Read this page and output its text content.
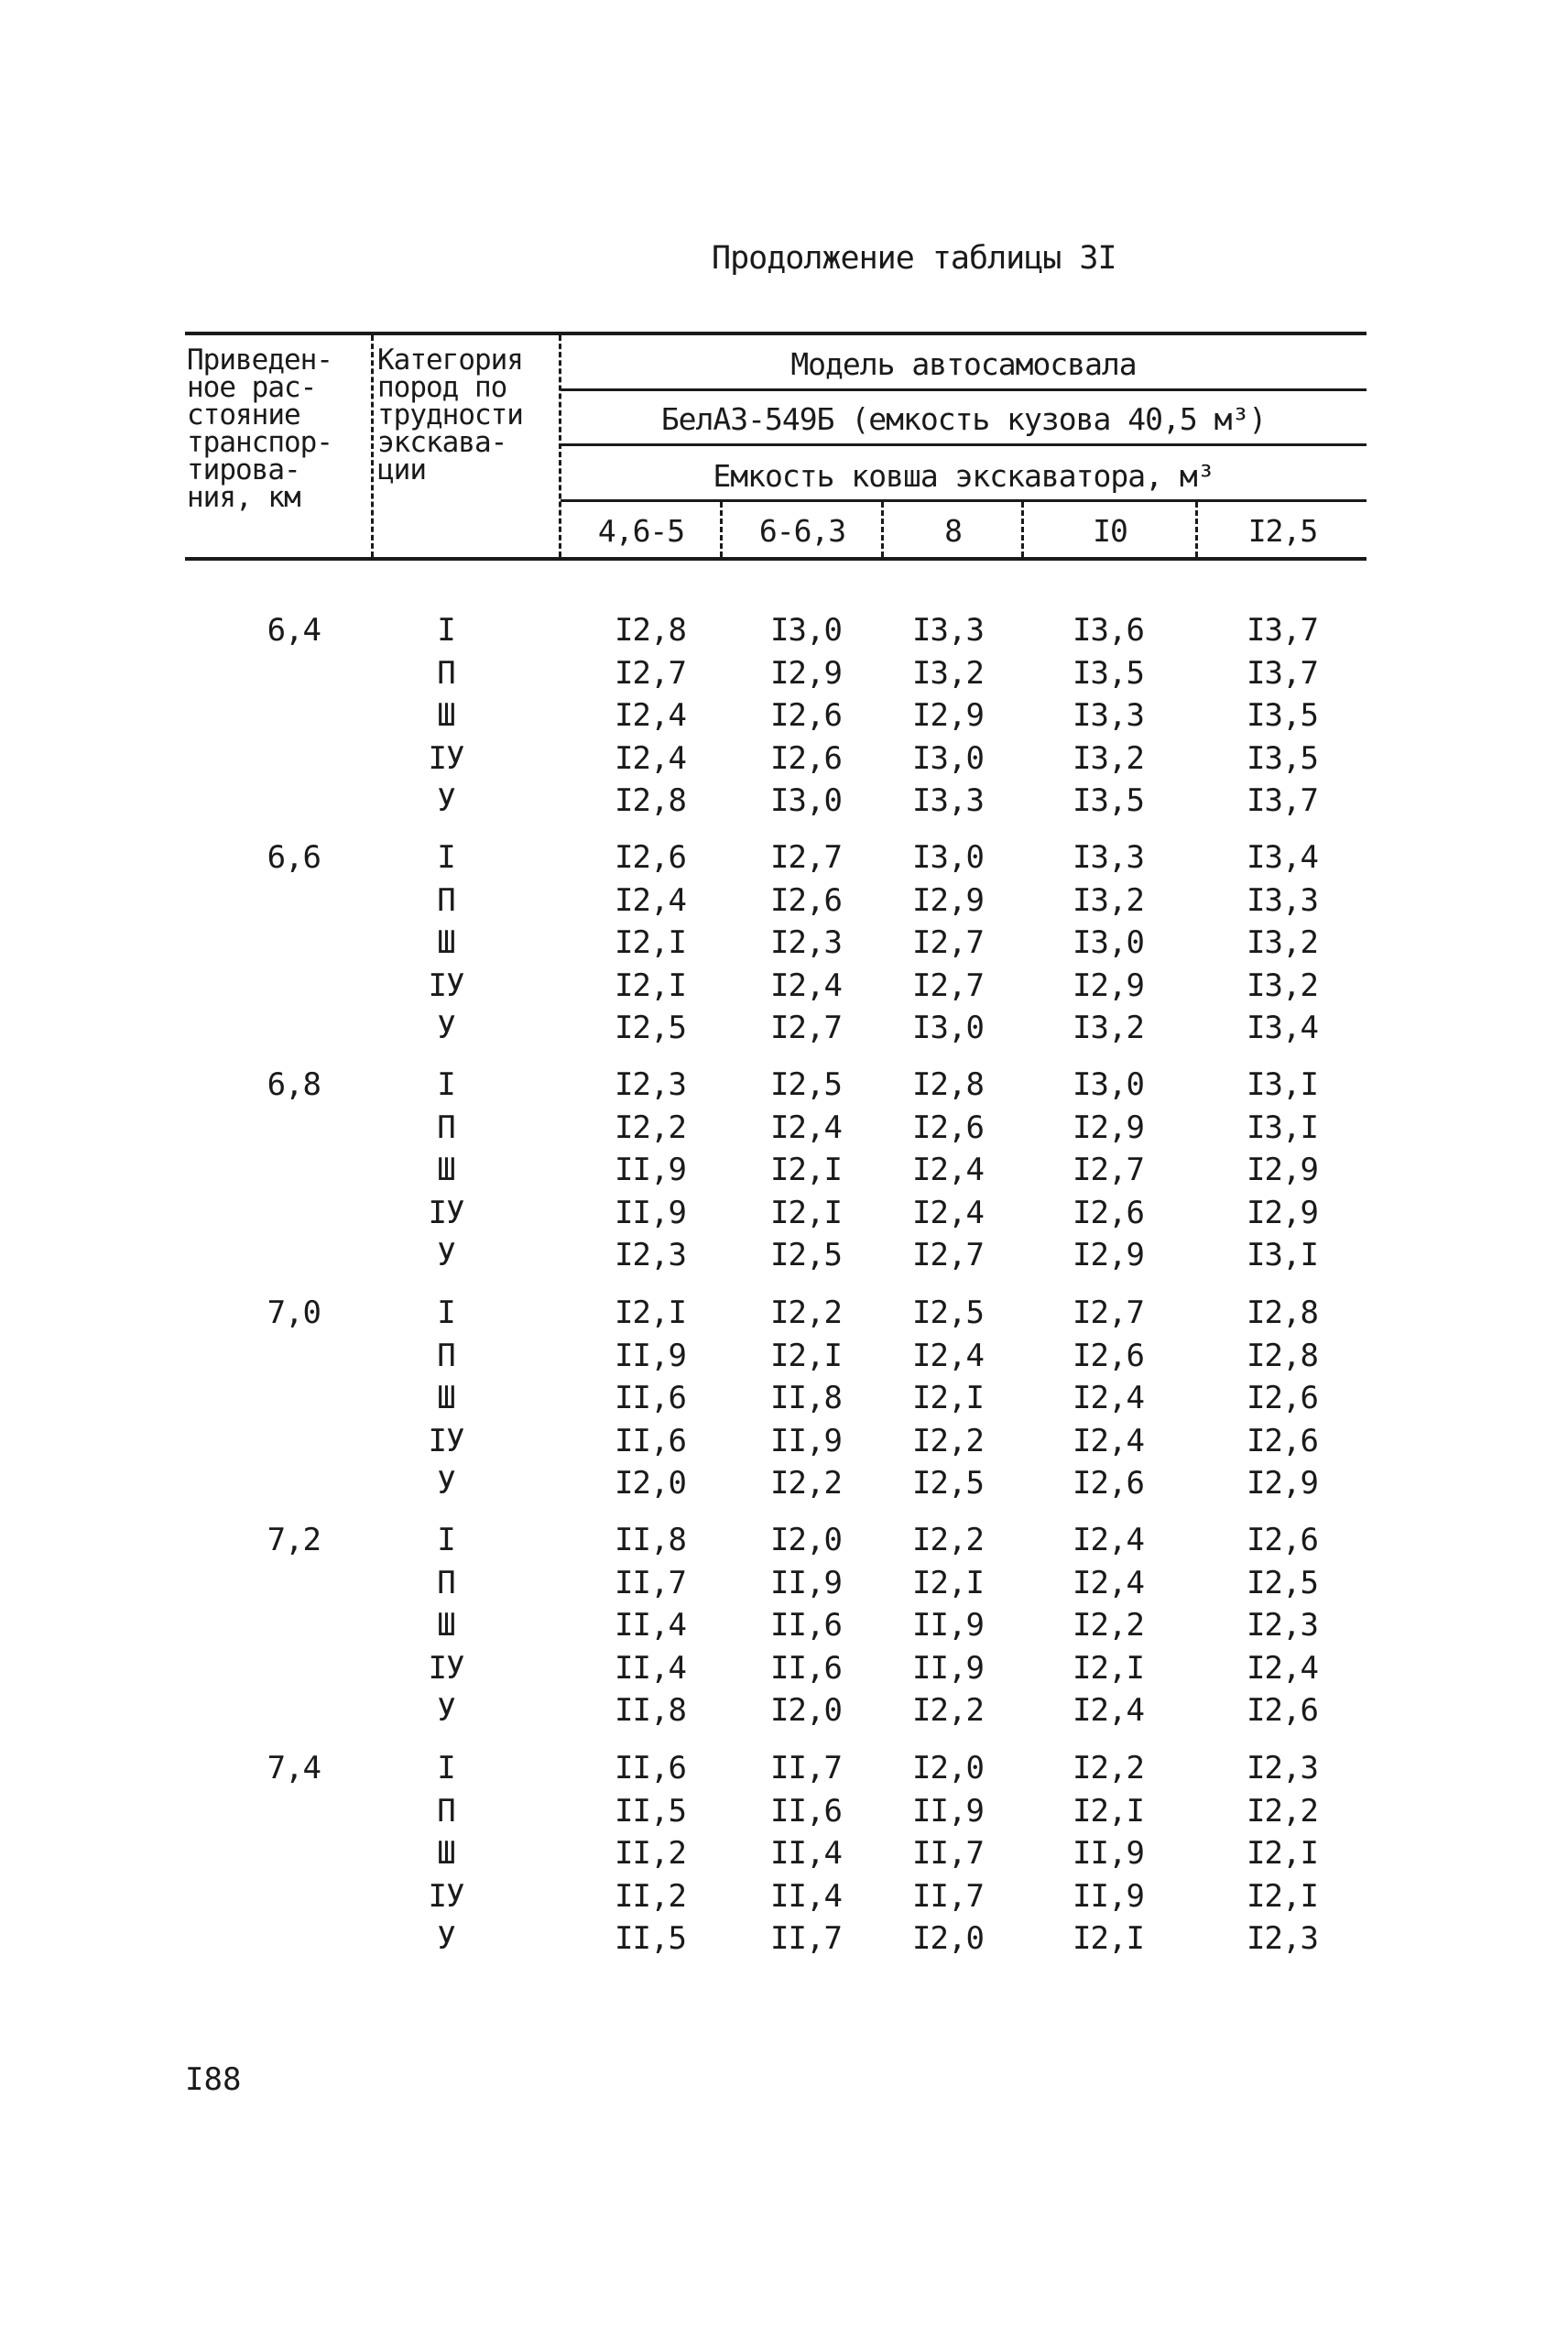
Продолжение таблицы 3I
Приведен-
ное рас-
стояние
транспор-
тирова-
ния, км
Категория
пород по
трудности
экскава-
ции
Модель автосамосвала
БелАЗ-549Б (емкость кузова 40,5 м³)
Емкость ковша экскаватора, м³
4,6-5	6-6,3	8	I0	I2,5
6,4	I	I2,8	I3,0	I3,3	I3,6	I3,7
П	I2,7	I2,9	I3,2	I3,5	I3,7
Ш	I2,4	I2,6	I2,9	I3,3	I3,5
IУ	I2,4	I2,6	I3,0	I3,2	I3,5
У	I2,8	I3,0	I3,3	I3,5	I3,7
6,6	I	I2,6	I2,7	I3,0	I3,3	I3,4
П	I2,4	I2,6	I2,9	I3,2	I3,3
Ш	I2,I	I2,3	I2,7	I3,0	I3,2
IУ	I2,I	I2,4	I2,7	I2,9	I3,2
У	I2,5	I2,7	I3,0	I3,2	I3,4
6,8	I	I2,3	I2,5	I2,8	I3,0	I3,I
П	I2,2	I2,4	I2,6	I2,9	I3,I
Ш	II,9	I2,I	I2,4	I2,7	I2,9
IУ	II,9	I2,I	I2,4	I2,6	I2,9
У	I2,3	I2,5	I2,7	I2,9	I3,I
7,0	I	I2,I	I2,2	I2,5	I2,7	I2,8
П	II,9	I2,I	I2,4	I2,6	I2,8
Ш	II,6	II,8	I2,I	I2,4	I2,6
IУ	II,6	II,9	I2,2	I2,4	I2,6
У	I2,0	I2,2	I2,5	I2,6	I2,9
7,2	I	II,8	I2,0	I2,2	I2,4	I2,6
П	II,7	II,9	I2,I	I2,4	I2,5
Ш	II,4	II,6	II,9	I2,2	I2,3
IУ	II,4	II,6	II,9	I2,I	I2,4
У	II,8	I2,0	I2,2	I2,4	I2,6
7,4	I	II,6	II,7	I2,0	I2,2	I2,3
П	II,5	II,6	II,9	I2,I	I2,2
Ш	II,2	II,4	II,7	II,9	I2,I
IУ	II,2	II,4	II,7	II,9	I2,I
У	II,5	II,7	I2,0	I2,I	I2,3
I88
